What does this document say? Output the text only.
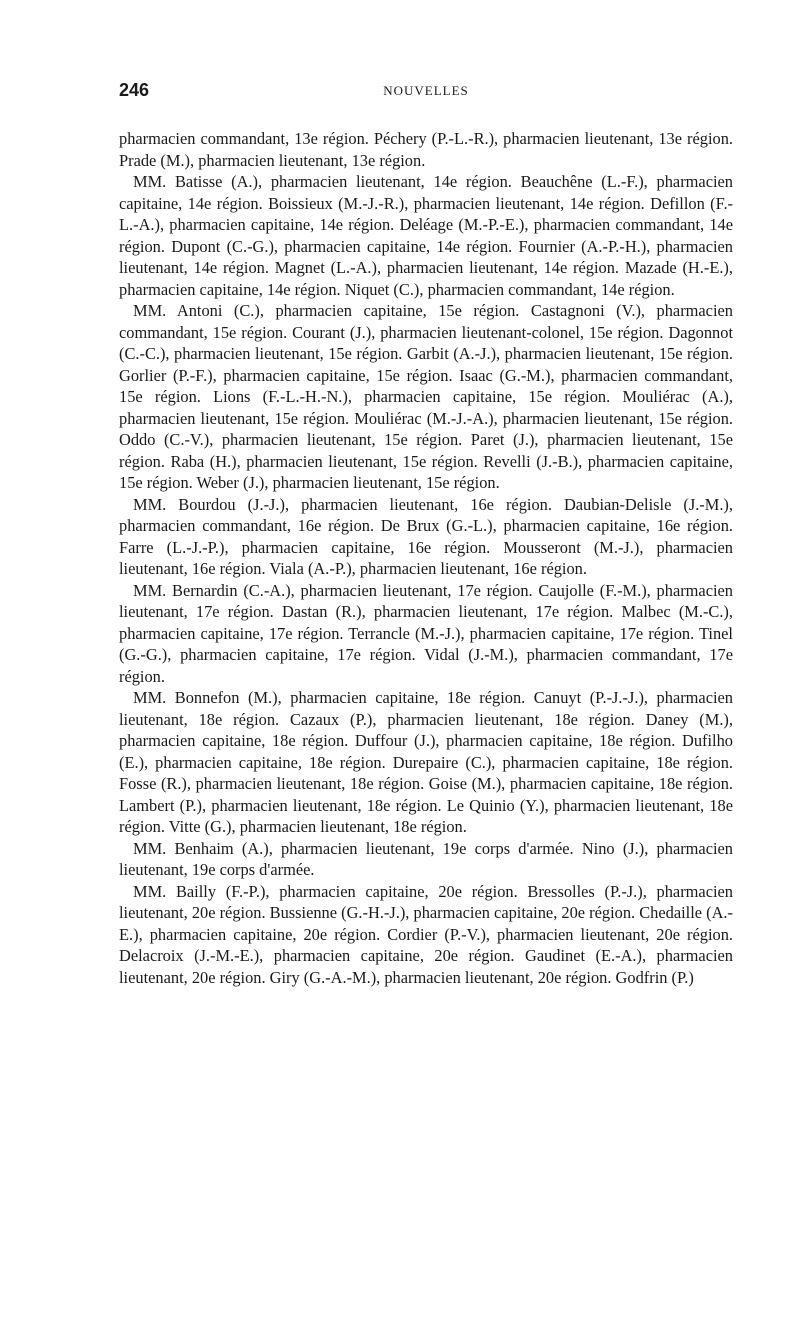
246	NOUVELLES

pharmacien commandant, 13e région. Péchery (P.-L.-R.), pharmacien lieutenant, 13e région. Prade (M.), pharmacien lieutenant, 13e région.

MM. Batisse (A.), pharmacien lieutenant, 14e région. Beauchêne (L.-F.), pharmacien capitaine, 14e région. Boissieux (M.-J.-R.), pharmacien lieutenant, 14e région. Defillon (F.-L.-A.), pharmacien capitaine, 14e région. Deléage (M.-P.-E.), pharmacien commandant, 14e région. Dupont (C.-G.), pharmacien capitaine, 14e région. Fournier (A.-P.-H.), pharmacien lieutenant, 14e région. Magnet (L.-A.), pharmacien lieutenant, 14e région. Mazade (H.-E.), pharmacien capitaine, 14e région. Niquet (C.), pharmacien commandant, 14e région.

MM. Antoni (C.), pharmacien capitaine, 15e région. Castagnoni (V.), pharmacien commandant, 15e région. Courant (J.), pharmacien lieutenant-colonel, 15e région. Dagonnot (C.-C.), pharmacien lieutenant, 15e région. Garbit (A.-J.), pharmacien lieutenant, 15e région. Gorlier (P.-F.), pharmacien capitaine, 15e région. Isaac (G.-M.), pharmacien commandant, 15e région. Lions (F.-L.-H.-N.), pharmacien capitaine, 15e région. Mouliérac (A.), pharmacien lieutenant, 15e région. Mouliérac (M.-J.-A.), pharmacien lieutenant, 15e région. Oddo (C.-V.), pharmacien lieutenant, 15e région. Paret (J.), pharmacien lieutenant, 15e région. Raba (H.), pharmacien lieutenant, 15e région. Revelli (J.-B.), pharmacien capitaine, 15e région. Weber (J.), pharmacien lieutenant, 15e région.

MM. Bourdou (J.-J.), pharmacien lieutenant, 16e région. Daubian-Delisle (J.-M.), pharmacien commandant, 16e région. De Brux (G.-L.), pharmacien capitaine, 16e région. Farre (L.-J.-P.), pharmacien capitaine, 16e région. Mousseront (M.-J.), pharmacien lieutenant, 16e région. Viala (A.-P.), pharmacien lieutenant, 16e région.

MM. Bernardin (C.-A.), pharmacien lieutenant, 17e région. Caujolle (F.-M.), pharmacien lieutenant, 17e région. Dastan (R.), pharmacien lieutenant, 17e région. Malbec (M.-C.), pharmacien capitaine, 17e région. Terrancle (M.-J.), pharmacien capitaine, 17e région. Tinel (G.-G.), pharmacien capitaine, 17e région. Vidal (J.-M.), pharmacien commandant, 17e région.

MM. Bonnefon (M.), pharmacien capitaine, 18e région. Canuyt (P.-J.-J.), pharmacien lieutenant, 18e région. Cazaux (P.), pharmacien lieutenant, 18e région. Daney (M.), pharmacien capitaine, 18e région. Duffour (J.), pharmacien capitaine, 18e région. Dufilho (E.), pharmacien capitaine, 18e région. Durepaire (C.), pharmacien capitaine, 18e région. Fosse (R.), pharmacien lieutenant, 18e région. Goise (M.), pharmacien capitaine, 18e région. Lambert (P.), pharmacien lieutenant, 18e région. Le Quinio (Y.), pharmacien lieutenant, 18e région. Vitte (G.), pharmacien lieutenant, 18e région.

MM. Benhaim (A.), pharmacien lieutenant, 19e corps d'armée. Nino (J.), pharmacien lieutenant, 19e corps d'armée.

MM. Bailly (F.-P.), pharmacien capitaine, 20e région. Bressolles (P.-J.), pharmacien lieutenant, 20e région. Bussienne (G.-H.-J.), pharmacien capitaine, 20e région. Chedaille (A.-E.), pharmacien capitaine, 20e région. Cordier (P.-V.), pharmacien lieutenant, 20e région. Delacroix (J.-M.-E.), pharmacien capitaine, 20e région. Gaudinet (E.-A.), pharmacien lieutenant, 20e région. Giry (G.-A.-M.), pharmacien lieutenant, 20e région. Godfrin (P.)
